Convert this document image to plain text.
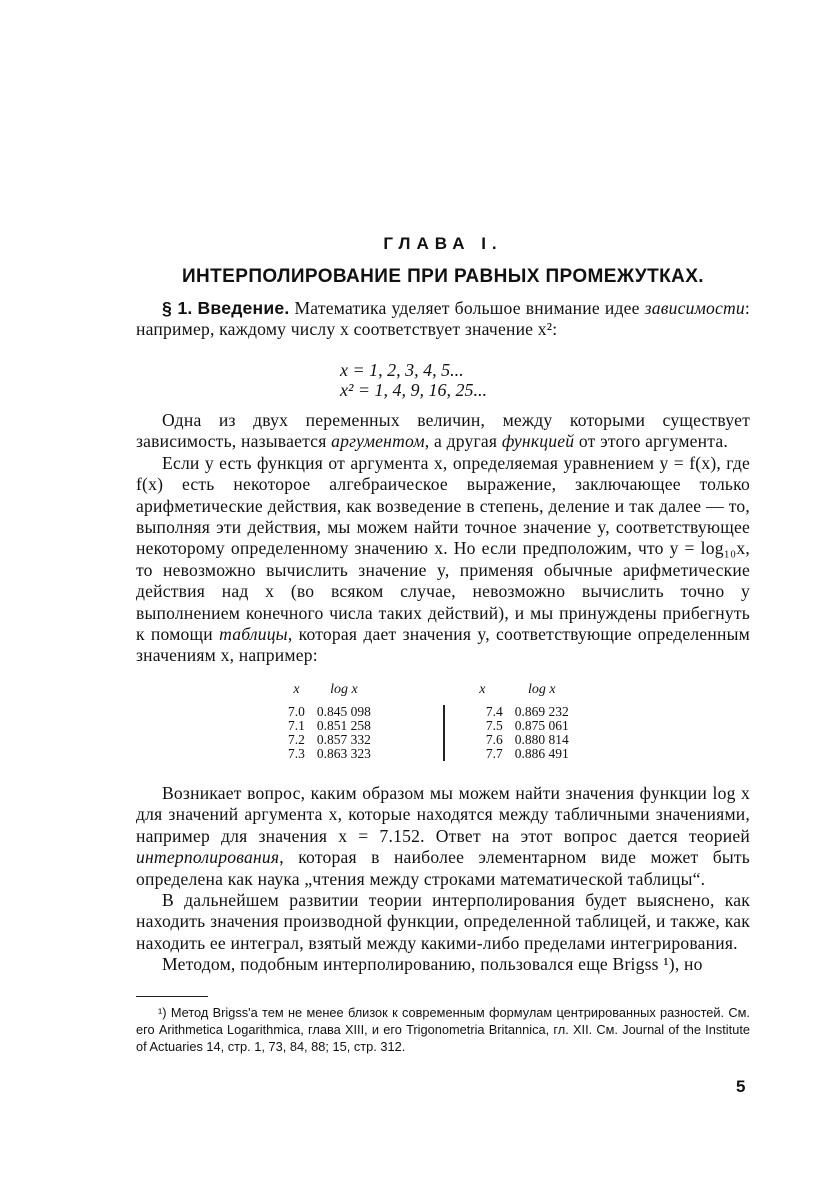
ГЛАВА I.
ИНТЕРПОЛИРОВАНИЕ ПРИ РАВНЫХ ПРОМЕЖУТКАХ.

§ 1. Введение. Математика уделяет большое внимание идее зависимости: например, каждому числу x соответствует значение x²:

x = 1, 2, 3, 4, 5...
x² = 1, 4, 9, 16, 25...

Одна из двух переменных величин, между которыми существует зависимость, называется аргументом, а другая функцией от этого аргумента.

Если y есть функция от аргумента x, определяемая уравнением y = f(x), где f(x) есть некоторое алгебраическое выражение, заключающее только арифметические действия, как возведение в степень, деление и так далее — то, выполняя эти действия, мы можем найти точное значение y, соответствующее некоторому определенному значению x. Но если предположим, что y = log₁₀x, то невозможно вычислить значение y, применяя обычные арифметические действия над x (во всяком случае, невозможно вычислить точно y выполнением конечного числа таких действий), и мы принуждены прибегнуть к помощи таблицы, которая дает значения y, соответствующие определенным значениям x, например:

x	log x			x	log x
7.0	0.845 098			7.4	0.869 232
7.1	0.851 258			7.5	0.875 061
7.2	0.857 332			7.6	0.880 814
7.3	0.863 323			7.7	0.886 491

Возникает вопрос, каким образом мы можем найти значения функции log x для значений аргумента x, которые находятся между табличными значениями, например для значения x = 7.152. Ответ на этот вопрос дается теорией интерполирования, которая в наиболее элементарном виде может быть определена как наука „чтения между строками математической таблицы“.

В дальнейшем развитии теории интерполирования будет выяснено, как находить значения производной функции, определенной таблицей, и также, как находить ее интеграл, взятый между какими-либо пределами интегрирования.

Методом, подобным интерполированию, пользовался еще Brigss ¹), но

¹) Метод Brigss'а тем не менее близок к современным формулам центрированных разностей. См. его Arithmetica Logarithmica, глава XIII, и его Trigonometria Britannica, гл. XII. См. Journal of the Institute of Actuaries 14, стр. 1, 73, 84, 88; 15, стр. 312.

5
